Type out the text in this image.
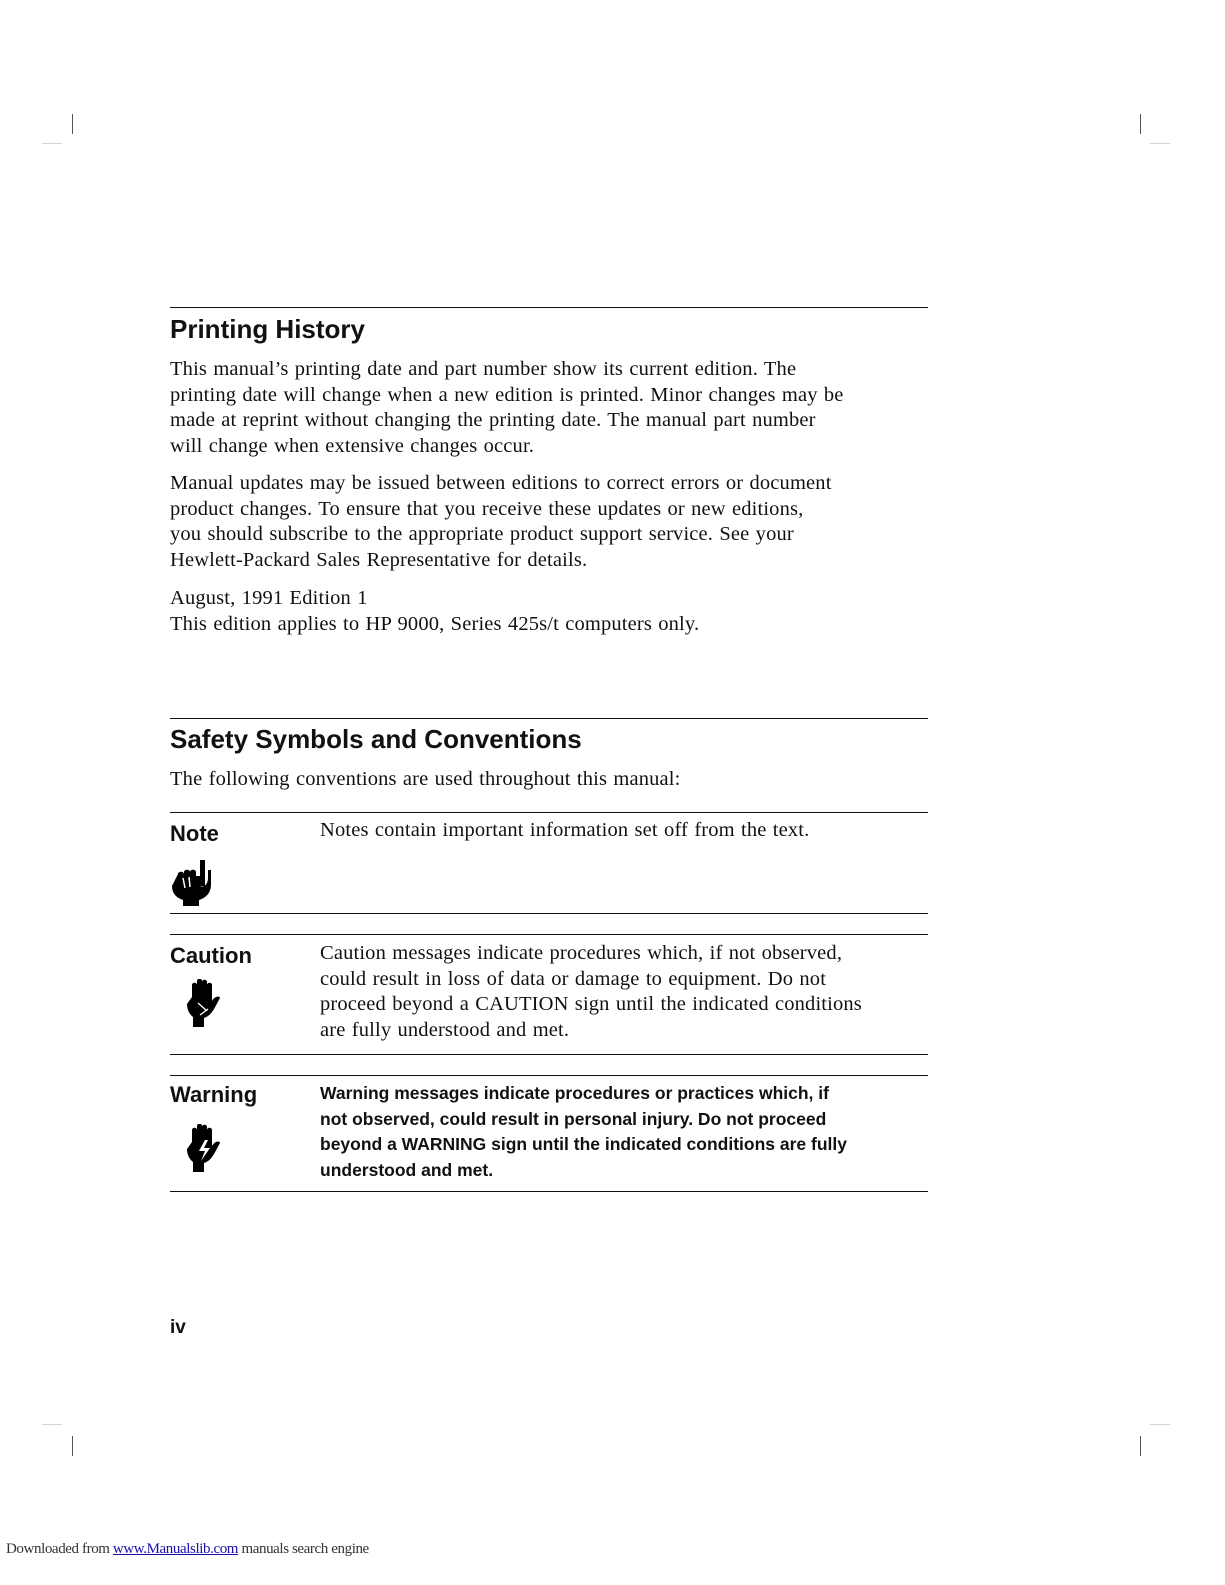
Printing History

This manual’s printing date and part number show its current edition. The
printing date will change when a new edition is printed. Minor changes may be
made at reprint without changing the printing date. The manual part number
will change when extensive changes occur.

Manual updates may be issued between editions to correct errors or document
product changes. To ensure that you receive these updates or new editions,
you should subscribe to the appropriate product support service. See your
Hewlett-Packard Sales Representative for details.

August, 1991 Edition 1
This edition applies to HP 9000, Series 425s/t computers only.

Safety Symbols and Conventions

The following conventions are used throughout this manual:

Note	Notes contain important information set off from the text.

Caution	Caution messages indicate procedures which, if not observed,
could result in loss of data or damage to equipment. Do not
proceed beyond a CAUTION sign until the indicated conditions
are fully understood and met.

Warning	Warning messages indicate procedures or practices which, if
not observed, could result in personal injury. Do not proceed
beyond a WARNING sign until the indicated conditions are fully
understood and met.

iv
Downloaded from www.Manualslib.com manuals search engine
